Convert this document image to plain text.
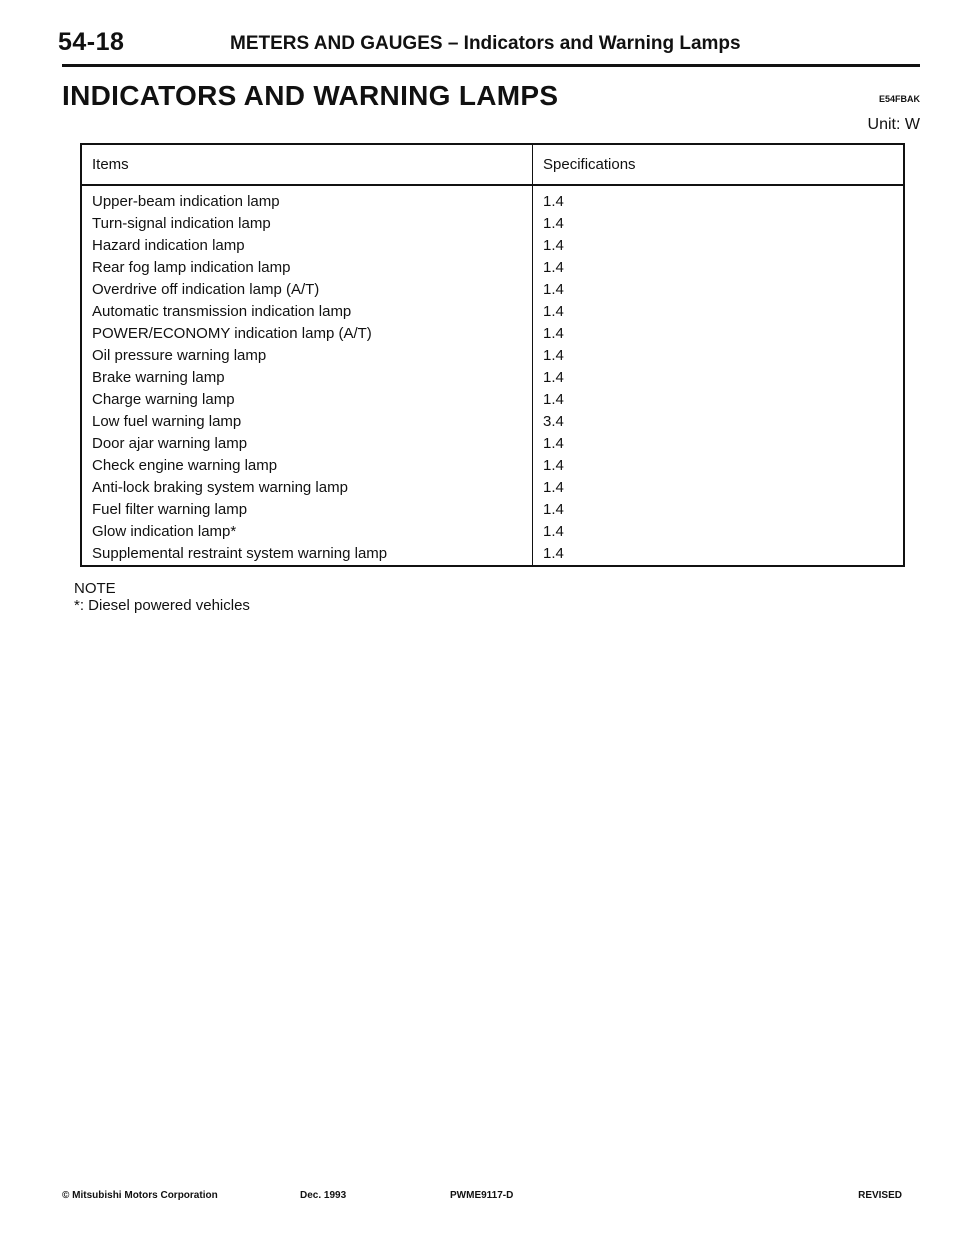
54-18	METERS AND GAUGES – Indicators and Warning Lamps
INDICATORS AND WARNING LAMPS	E54FBAK
Unit: W
Items	Specifications
Upper-beam indication lamp	1.4
Turn-signal indication lamp	1.4
Hazard indication lamp	1.4
Rear fog lamp indication lamp	1.4
Overdrive off indication lamp (A/T)	1.4
Automatic transmission indication lamp	1.4
POWER/ECONOMY indication lamp (A/T)	1.4
Oil pressure warning lamp	1.4
Brake warning lamp	1.4
Charge warning lamp	1.4
Low fuel warning lamp	3.4
Door ajar warning lamp	1.4
Check engine warning lamp	1.4
Anti-lock braking system warning lamp	1.4
Fuel filter warning lamp	1.4
Glow indication lamp*	1.4
Supplemental restraint system warning lamp	1.4
NOTE
*: Diesel powered vehicles
© Mitsubishi Motors Corporation	Dec. 1993	PWME9117-D	REVISED
